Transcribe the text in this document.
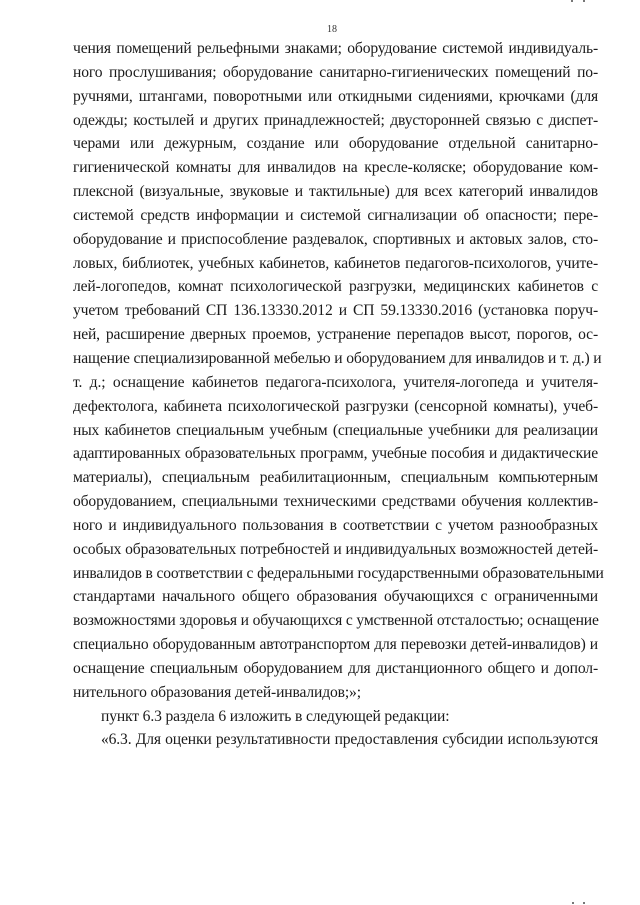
18
чения помещений рельефными знаками; оборудование системой индивидуаль-
ного прослушивания; оборудование санитарно-гигиенических помещений по-
ручнями, штангами, поворотными или откидными сидениями, крючками (для
одежды; костылей и других принадлежностей; двусторонней связью с диспет-
черами или дежурным, создание или оборудование отдельной санитарно-
гигиенической комнаты для инвалидов на кресле-коляске; оборудование ком-
плексной (визуальные, звуковые и тактильные) для всех категорий инвалидов
системой средств информации и системой сигнализации об опасности; пере-
оборудование и приспособление раздевалок, спортивных и актовых залов, сто-
ловых, библиотек, учебных кабинетов, кабинетов педагогов-психологов, учите-
лей-логопедов, комнат психологической разгрузки, медицинских кабинетов с
учетом требований СП 136.13330.2012 и СП 59.13330.2016 (установка поруч-
ней, расширение дверных проемов, устранение перепадов высот, порогов, ос-
нащение специализированной мебелью и оборудованием для инвалидов и т. д.) и
т. д.; оснащение кабинетов педагога-психолога, учителя-логопеда и учителя-
дефектолога, кабинета психологической разгрузки (сенсорной комнаты), учеб-
ных кабинетов специальным учебным (специальные учебники для реализации
адаптированных образовательных программ, учебные пособия и дидактические
материалы), специальным реабилитационным, специальным компьютерным
оборудованием, специальными техническими средствами обучения коллектив-
ного и индивидуального пользования в соответствии с учетом разнообразных
особых образовательных потребностей и индивидуальных возможностей детей-
инвалидов в соответствии с федеральными государственными образовательными
стандартами начального общего образования обучающихся с ограниченными
возможностями здоровья и обучающихся с умственной отсталостью; оснащение
специально оборудованным автотранспортом для перевозки детей-инвалидов) и
оснащение специальным оборудованием для дистанционного общего и допол-
нительного образования детей-инвалидов;»;
пункт 6.3 раздела 6 изложить в следующей редакции:
«6.3. Для оценки результативности предоставления субсидии используются
